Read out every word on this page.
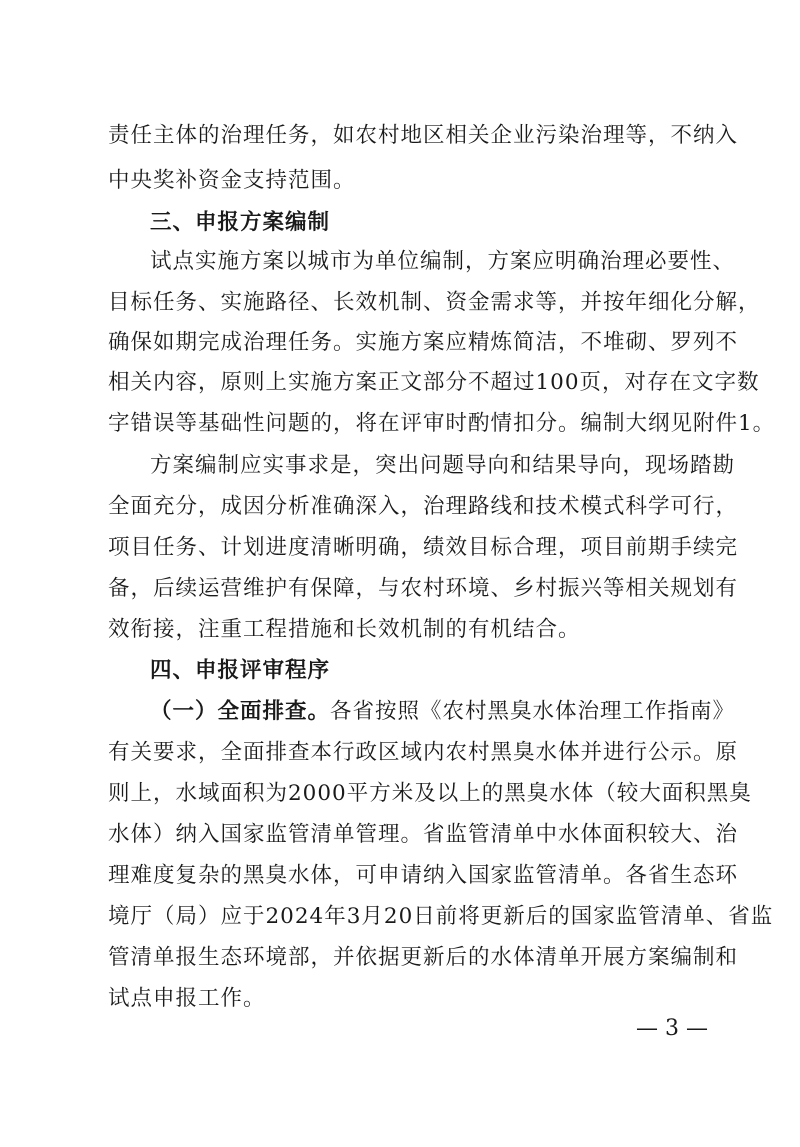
责任主体的治理任务，如农村地区相关企业污染治理等，不纳入
中央奖补资金支持范围。
三、申报方案编制
试点实施方案以城市为单位编制，方案应明确治理必要性、
目标任务、实施路径、长效机制、资金需求等，并按年细化分解，
确保如期完成治理任务。实施方案应精炼简洁，不堆砌、罗列不
相关内容，原则上实施方案正文部分不超过100页，对存在文字数
字错误等基础性问题的，将在评审时酌情扣分。编制大纲见附件1。
方案编制应实事求是，突出问题导向和结果导向，现场踏勘
全面充分，成因分析准确深入，治理路线和技术模式科学可行，
项目任务、计划进度清晰明确，绩效目标合理，项目前期手续完
备，后续运营维护有保障，与农村环境、乡村振兴等相关规划有
效衔接，注重工程措施和长效机制的有机结合。
四、申报评审程序
（一）全面排查。各省按照《农村黑臭水体治理工作指南》
有关要求，全面排查本行政区域内农村黑臭水体并进行公示。原
则上，水域面积为2000平方米及以上的黑臭水体（较大面积黑臭
水体）纳入国家监管清单管理。省监管清单中水体面积较大、治
理难度复杂的黑臭水体，可申请纳入国家监管清单。各省生态环
境厅（局）应于2024年3月20日前将更新后的国家监管清单、省监
管清单报生态环境部，并依据更新后的水体清单开展方案编制和
试点申报工作。
— 3 —
